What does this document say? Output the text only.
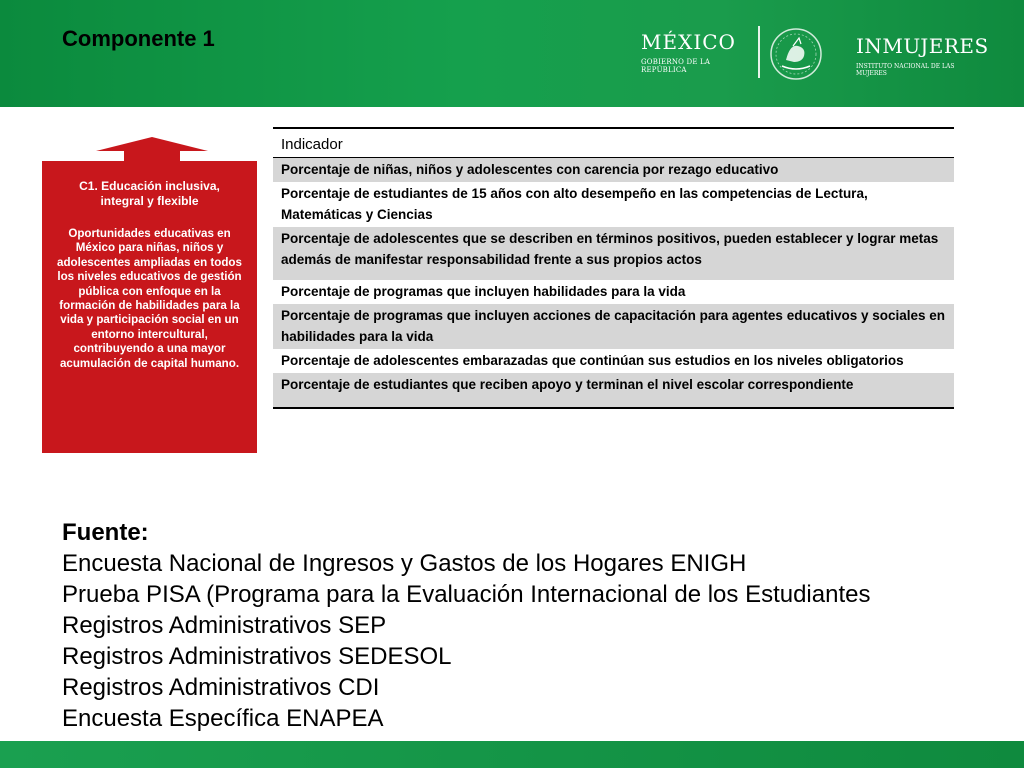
Componente 1	MÉXICO
GOBIERNO DE LA REPÚBLICA
INMUJERES
INSTITUTO NACIONAL DE LAS MUJERES
C1. Educación inclusiva,
integral y flexible
Oportunidades educativas en México para niñas, niños y adolescentes ampliadas en todos los niveles educativos de gestión pública con enfoque en la formación de habilidades para la vida y participación social en un entorno intercultural, contribuyendo a una mayor acumulación de capital humano.
Indicador
Porcentaje de niñas, niños y adolescentes con carencia por rezago educativo
Porcentaje de estudiantes de 15 años con alto desempeño en las competencias de Lectura, Matemáticas y Ciencias
Porcentaje de adolescentes que se describen en términos positivos, pueden establecer y lograr metas además de manifestar responsabilidad frente a sus propios actos
Porcentaje de programas que incluyen habilidades para la vida
Porcentaje de programas que incluyen acciones de capacitación para agentes educativos y sociales en habilidades para la vida
Porcentaje de adolescentes embarazadas que continúan sus estudios en los niveles obligatorios
Porcentaje de estudiantes que reciben apoyo y terminan el nivel escolar correspondiente
Fuente:
Encuesta Nacional de Ingresos y Gastos de los Hogares ENIGH
Prueba PISA (Programa para la Evaluación Internacional de los Estudiantes
Registros Administrativos SEP
Registros Administrativos SEDESOL
Registros Administrativos CDI
Encuesta Específica ENAPEA
